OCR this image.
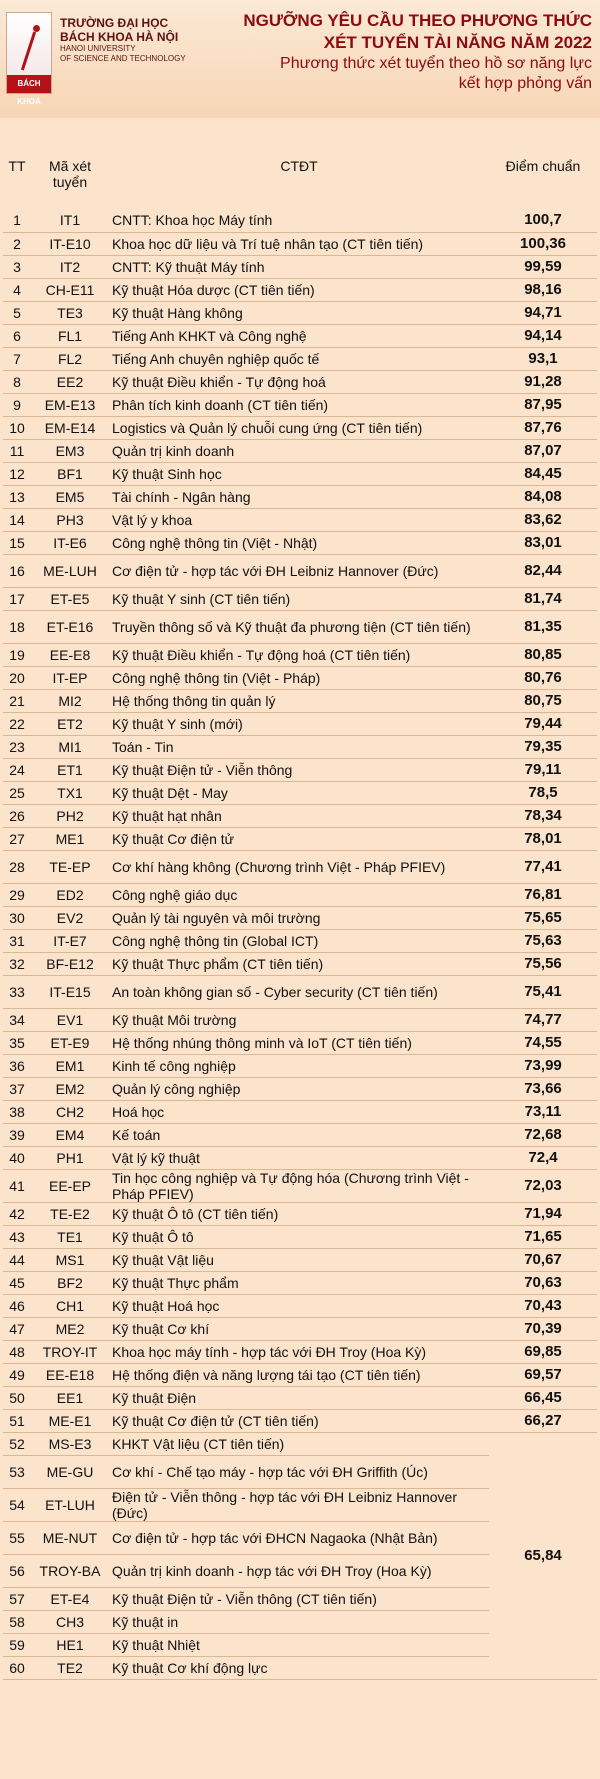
BÁCH KHOA
TRƯỜNG ĐẠI HỌC
BÁCH KHOA HÀ NỘI
HANOI UNIVERSITY
OF SCIENCE AND TECHNOLOGY
NGƯỠNG YÊU CẦU THEO PHƯƠNG THỨC
XÉT TUYỂN TÀI NĂNG NĂM 2022
Phương thức xét tuyển theo hồ sơ năng lực
kết hợp phỏng vấn
TT	Mã xét tuyển	CTĐT	Điểm chuẩn
1	IT1	CNTT: Khoa học Máy tính	100,7
2	IT-E10	Khoa học dữ liệu và Trí tuệ nhân tạo (CT tiên tiến)	100,36
3	IT2	CNTT: Kỹ thuật Máy tính	99,59
4	CH-E11	Kỹ thuật Hóa dược (CT tiên tiến)	98,16
5	TE3	Kỹ thuật Hàng không	94,71
6	FL1	Tiếng Anh KHKT và Công nghệ	94,14
7	FL2	Tiếng Anh chuyên nghiệp quốc tế	93,1
8	EE2	Kỹ thuật Điều khiển - Tự động hoá	91,28
9	EM-E13	Phân tích kinh doanh (CT tiên tiến)	87,95
10	EM-E14	Logistics và Quản lý chuỗi cung ứng (CT tiên tiến)	87,76
11	EM3	Quản trị kinh doanh	87,07
12	BF1	Kỹ thuật Sinh học	84,45
13	EM5	Tài chính - Ngân hàng	84,08
14	PH3	Vật lý y khoa	83,62
15	IT-E6	Công nghệ thông tin (Việt - Nhật)	83,01
16	ME-LUH	Cơ điện tử - hợp tác với ĐH Leibniz Hannover (Đức)	82,44
17	ET-E5	Kỹ thuật Y sinh (CT tiên tiến)	81,74
18	ET-E16	Truyền thông số và Kỹ thuật đa phương tiện (CT tiên tiến)	81,35
19	EE-E8	Kỹ thuật Điều khiển - Tự động hoá (CT tiên tiến)	80,85
20	IT-EP	Công nghệ thông tin (Việt - Pháp)	80,76
21	MI2	Hệ thống thông tin quản lý	80,75
22	ET2	Kỹ thuật Y sinh (mới)	79,44
23	MI1	Toán - Tin	79,35
24	ET1	Kỹ thuật Điện tử - Viễn thông	79,11
25	TX1	Kỹ thuật Dệt - May	78,5
26	PH2	Kỹ thuật hạt nhân	78,34
27	ME1	Kỹ thuật Cơ điện tử	78,01
28	TE-EP	Cơ khí hàng không (Chương trình Việt - Pháp PFIEV)	77,41
29	ED2	Công nghệ giáo dục	76,81
30	EV2	Quản lý tài nguyên và môi trường	75,65
31	IT-E7	Công nghệ thông tin (Global ICT)	75,63
32	BF-E12	Kỹ thuật Thực phẩm (CT tiên tiến)	75,56
33	IT-E15	An toàn không gian số - Cyber security (CT tiên tiến)	75,41
34	EV1	Kỹ thuật Môi trường	74,77
35	ET-E9	Hệ thống nhúng thông minh và IoT (CT tiên tiến)	74,55
36	EM1	Kinh tế công nghiệp	73,99
37	EM2	Quản lý công nghiệp	73,66
38	CH2	Hoá học	73,11
39	EM4	Kế toán	72,68
40	PH1	Vật lý kỹ thuật	72,4
41	EE-EP	Tin học công nghiệp và Tự động hóa (Chương trình Việt - Pháp PFIEV)	72,03
42	TE-E2	Kỹ thuật Ô tô (CT tiên tiến)	71,94
43	TE1	Kỹ thuật Ô tô	71,65
44	MS1	Kỹ thuật Vật liệu	70,67
45	BF2	Kỹ thuật Thực phẩm	70,63
46	CH1	Kỹ thuật Hoá học	70,43
47	ME2	Kỹ thuật Cơ khí	70,39
48	TROY-IT	Khoa học máy tính - hợp tác với ĐH Troy (Hoa Kỳ)	69,85
49	EE-E18	Hệ thống điện và năng lượng tái tạo (CT tiên tiến)	69,57
50	EE1	Kỹ thuật Điện	66,45
51	ME-E1	Kỹ thuật Cơ điện tử (CT tiên tiến)	66,27
52	MS-E3	KHKT Vật liệu (CT tiên tiến)	65,84
53	ME-GU	Cơ khí - Chế tạo máy - hợp tác với ĐH Griffith (Úc)	
54	ET-LUH	Điện tử - Viễn thông - hợp tác với ĐH Leibniz Hannover (Đức)	
55	ME-NUT	Cơ điện tử - hợp tác với ĐHCN Nagaoka (Nhật Bản)	
56	TROY-BA	Quản trị kinh doanh - hợp tác với ĐH Troy (Hoa Kỳ)	
57	ET-E4	Kỹ thuật Điện tử - Viễn thông (CT tiên tiến)	
58	CH3	Kỹ thuật in	
59	HE1	Kỹ thuật Nhiệt	
60	TE2	Kỹ thuật Cơ khí động lực	
